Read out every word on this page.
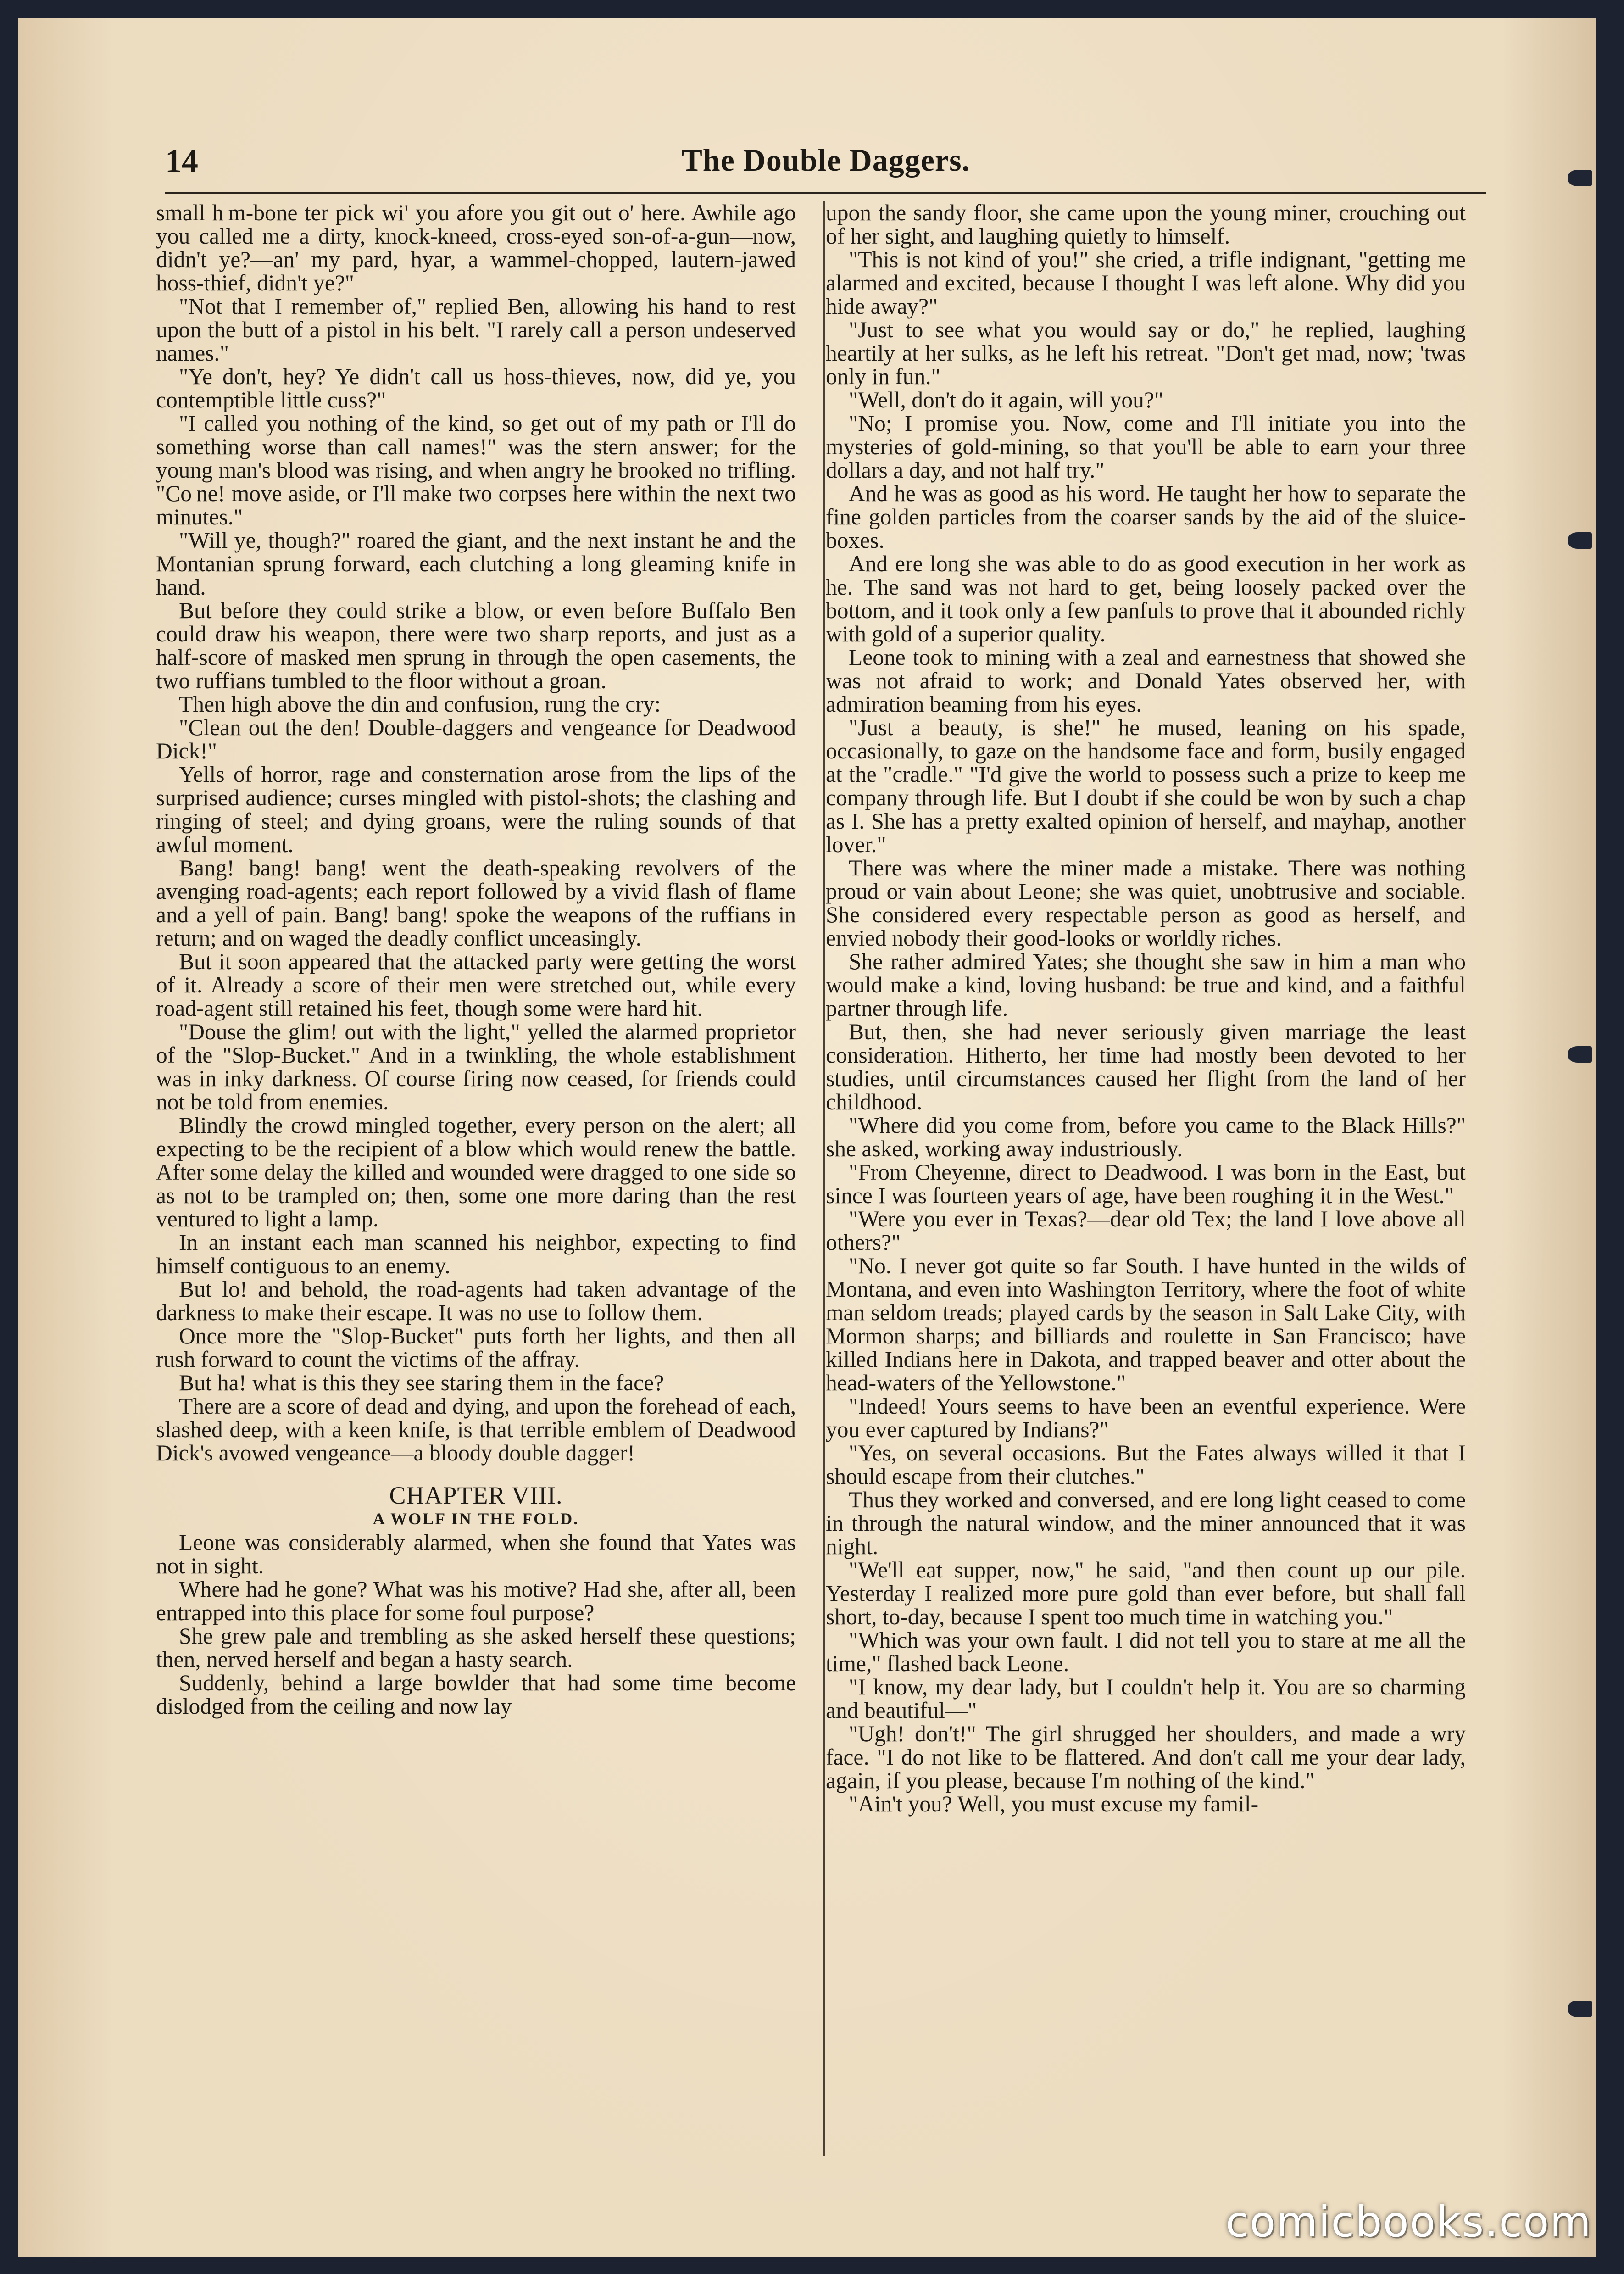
14	The Double Daggers.

small h m-bone ter pick wi' you afore you git out o' here. Awhile ago you called me a dirty, knock-kneed, cross-eyed son-of-a-gun—now, didn't ye?—an' my pard, hyar, a wammel-chopped, lautern-jawed hoss-thief, didn't ye?"

"Not that I remember of," replied Ben, allowing his hand to rest upon the butt of a pistol in his belt. "I rarely call a person undeserved names."

"Ye don't, hey? Ye didn't call us hoss-thieves, now, did ye, you contemptible little cuss?"

"I called you nothing of the kind, so get out of my path or I'll do something worse than call names!" was the stern answer; for the young man's blood was rising, and when angry he brooked no trifling. "Co ne! move aside, or I'll make two corpses here within the next two minutes."

"Will ye, though?" roared the giant, and the next instant he and the Montanian sprung forward, each clutching a long gleaming knife in hand.

But before they could strike a blow, or even before Buffalo Ben could draw his weapon, there were two sharp reports, and just as a half-score of masked men sprung in through the open casements, the two ruffians tumbled to the floor without a groan.

Then high above the din and confusion, rung the cry:

"Clean out the den! Double-daggers and vengeance for Deadwood Dick!"

Yells of horror, rage and consternation arose from the lips of the surprised audience; curses mingled with pistol-shots; the clashing and ringing of steel; and dying groans, were the ruling sounds of that awful moment.

Bang! bang! bang! went the death-speaking revolvers of the avenging road-agents; each report followed by a vivid flash of flame and a yell of pain. Bang! bang! spoke the weapons of the ruffians in return; and on waged the deadly conflict unceasingly.

But it soon appeared that the attacked party were getting the worst of it. Already a score of their men were stretched out, while every road-agent still retained his feet, though some were hard hit.

"Douse the glim! out with the light," yelled the alarmed proprietor of the "Slop-Bucket." And in a twinkling, the whole establishment was in inky darkness. Of course firing now ceased, for friends could not be told from enemies.

Blindly the crowd mingled together, every person on the alert; all expecting to be the recipient of a blow which would renew the battle. After some delay the killed and wounded were dragged to one side so as not to be trampled on; then, some one more daring than the rest ventured to light a lamp.

In an instant each man scanned his neighbor, expecting to find himself contiguous to an enemy.

But lo! and behold, the road-agents had taken advantage of the darkness to make their escape. It was no use to follow them.

Once more the "Slop-Bucket" puts forth her lights, and then all rush forward to count the victims of the affray.

But ha! what is this they see staring them in the face?

There are a score of dead and dying, and upon the forehead of each, slashed deep, with a keen knife, is that terrible emblem of Deadwood Dick's avowed vengeance—a bloody double dagger!

CHAPTER VIII.
A WOLF IN THE FOLD.

Leone was considerably alarmed, when she found that Yates was not in sight.

Where had he gone? What was his motive? Had she, after all, been entrapped into this place for some foul purpose?

She grew pale and trembling as she asked herself these questions; then, nerved herself and began a hasty search.

Suddenly, behind a large bowlder that had some time become dislodged from the ceiling and now lay

upon the sandy floor, she came upon the young miner, crouching out of her sight, and laughing quietly to himself.

"This is not kind of you!" she cried, a trifle indignant, "getting me alarmed and excited, because I thought I was left alone. Why did you hide away?"

"Just to see what you would say or do," he replied, laughing heartily at her sulks, as he left his retreat. "Don't get mad, now; 'twas only in fun."

"Well, don't do it again, will you?"

"No; I promise you. Now, come and I'll initiate you into the mysteries of gold-mining, so that you'll be able to earn your three dollars a day, and not half try."

And he was as good as his word. He taught her how to separate the fine golden particles from the coarser sands by the aid of the sluice-boxes.

And ere long she was able to do as good execution in her work as he. The sand was not hard to get, being loosely packed over the bottom, and it took only a few panfuls to prove that it abounded richly with gold of a superior quality.

Leone took to mining with a zeal and earnestness that showed she was not afraid to work; and Donald Yates observed her, with admiration beaming from his eyes.

"Just a beauty, is she!" he mused, leaning on his spade, occasionally, to gaze on the handsome face and form, busily engaged at the "cradle." "I'd give the world to possess such a prize to keep me company through life. But I doubt if she could be won by such a chap as I. She has a pretty exalted opinion of herself, and mayhap, another lover."

There was where the miner made a mistake. There was nothing proud or vain about Leone; she was quiet, unobtrusive and sociable. She considered every respectable person as good as herself, and envied nobody their good-looks or worldly riches.

She rather admired Yates; she thought she saw in him a man who would make a kind, loving husband: be true and kind, and a faithful partner through life.

But, then, she had never seriously given marriage the least consideration. Hitherto, her time had mostly been devoted to her studies, until circumstances caused her flight from the land of her childhood.

"Where did you come from, before you came to the Black Hills?" she asked, working away industriously.

"From Cheyenne, direct to Deadwood. I was born in the East, but since I was fourteen years of age, have been roughing it in the West."

"Were you ever in Texas?—dear old Tex; the land I love above all others?"

"No. I never got quite so far South. I have hunted in the wilds of Montana, and even into Washington Territory, where the foot of white man seldom treads; played cards by the season in Salt Lake City, with Mormon sharps; and billiards and roulette in San Francisco; have killed Indians here in Dakota, and trapped beaver and otter about the head-waters of the Yellowstone."

"Indeed! Yours seems to have been an eventful experience. Were you ever captured by Indians?"

"Yes, on several occasions. But the Fates always willed it that I should escape from their clutches."

Thus they worked and conversed, and ere long light ceased to come in through the natural window, and the miner announced that it was night.

"We'll eat supper, now," he said, "and then count up our pile. Yesterday I realized more pure gold than ever before, but shall fall short, to-day, because I spent too much time in watching you."

"Which was your own fault. I did not tell you to stare at me all the time," flashed back Leone.

"I know, my dear lady, but I couldn't help it. You are so charming and beautiful—"

"Ugh! don't!" The girl shrugged her shoulders, and made a wry face. "I do not like to be flattered. And don't call me your dear lady, again, if you please, because I'm nothing of the kind."

"Ain't you? Well, you must excuse my famil-

comicbooks.com
